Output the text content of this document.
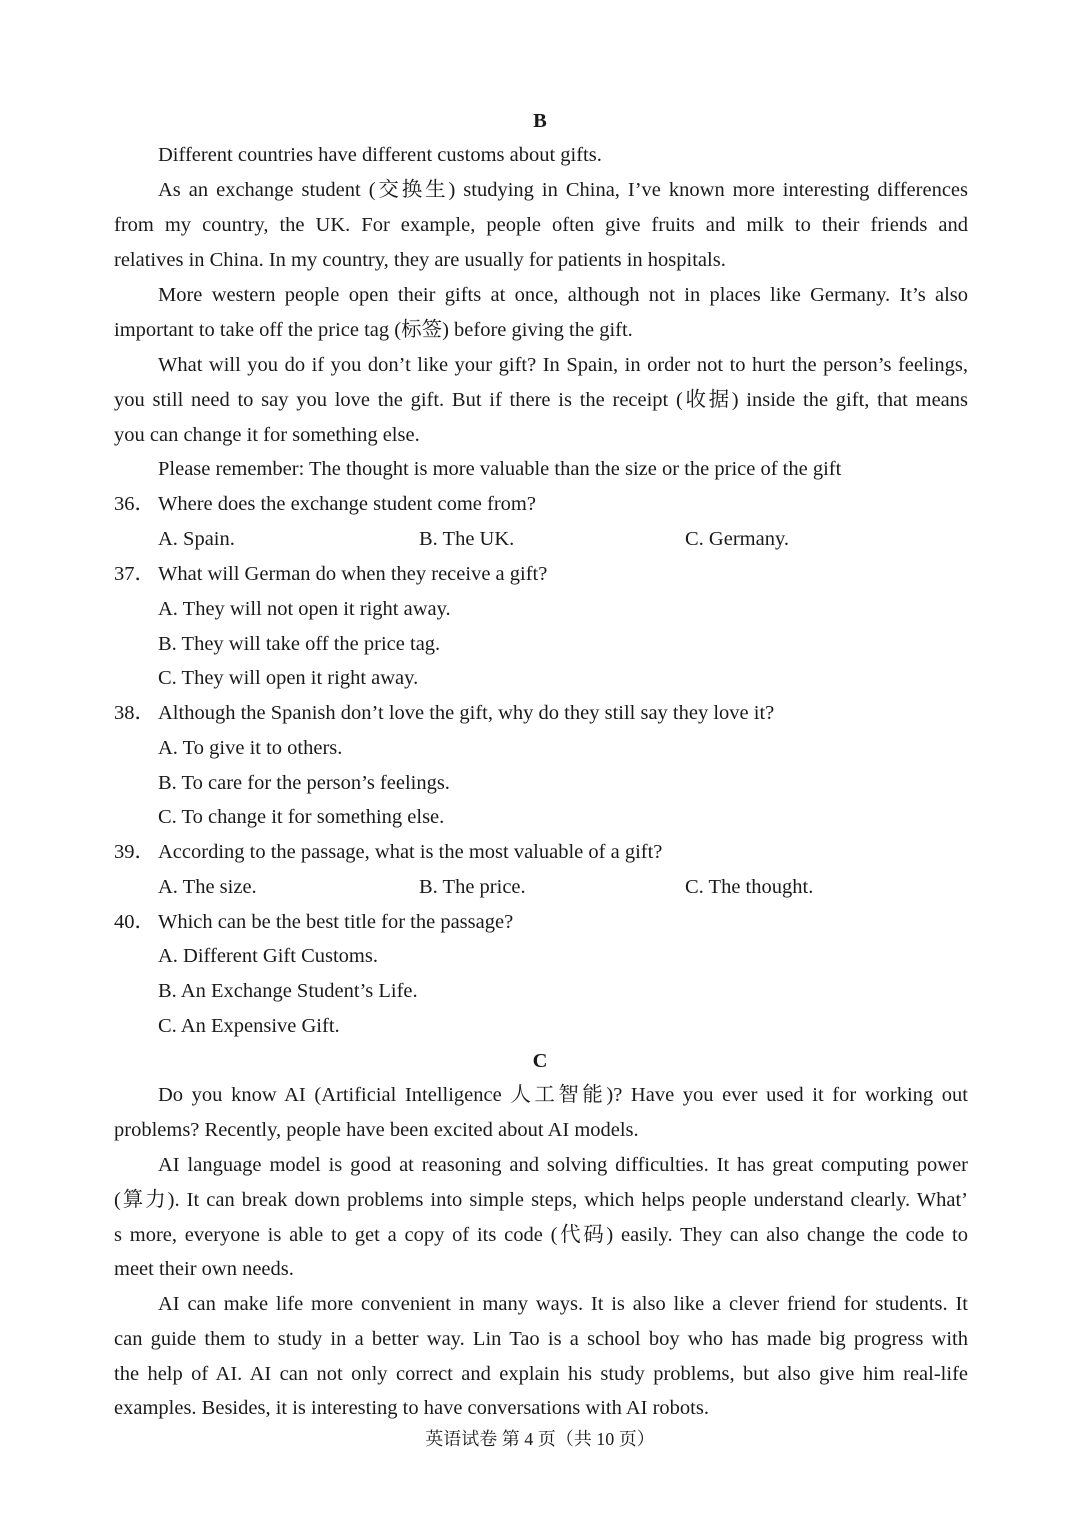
B
Different countries have different customs about gifts.
As an exchange student (交换生) studying in China, I’ve known more interesting differences
from my country, the UK. For example, people often give fruits and milk to their friends and
relatives in China. In my country, they are usually for patients in hospitals.
More western people open their gifts at once, although not in places like Germany. It’s also
important to take off the price tag (标签) before giving the gift.
What will you do if you don’t like your gift? In Spain, in order not to hurt the person’s feelings,
you still need to say you love the gift. But if there is the receipt (收据) inside the gift, that means
you can change it for something else.
Please remember: The thought is more valuable than the size or the price of the gift
36． Where does the exchange student come from?
A. Spain.	B. The UK.	C. Germany.
37． What will German do when they receive a gift?
A. They will not open it right away.
B. They will take off the price tag.
C. They will open it right away.
38． Although the Spanish don’t love the gift, why do they still say they love it?
A. To give it to others.
B. To care for the person’s feelings.
C. To change it for something else.
39． According to the passage, what is the most valuable of a gift?
A. The size.	B. The price.	C. The thought.
40． Which can be the best title for the passage?
A. Different Gift Customs.
B. An Exchange Student’s Life.
C. An Expensive Gift.
C
Do you know AI (Artificial Intelligence 人工智能)? Have you ever used it for working out
problems? Recently, people have been excited about AI models.
AI language model is good at reasoning and solving difficulties. It has great computing power
(算力). It can break down problems into simple steps, which helps people understand clearly. What’
s more, everyone is able to get a copy of its code (代码) easily. They can also change the code to
meet their own needs.
AI can make life more convenient in many ways. It is also like a clever friend for students. It
can guide them to study in a better way. Lin Tao is a school boy who has made big progress with
the help of AI. AI can not only correct and explain his study problems, but also give him real-life
examples. Besides, it is interesting to have conversations with AI robots.
英语试卷 第 4 页（共 10 页）
